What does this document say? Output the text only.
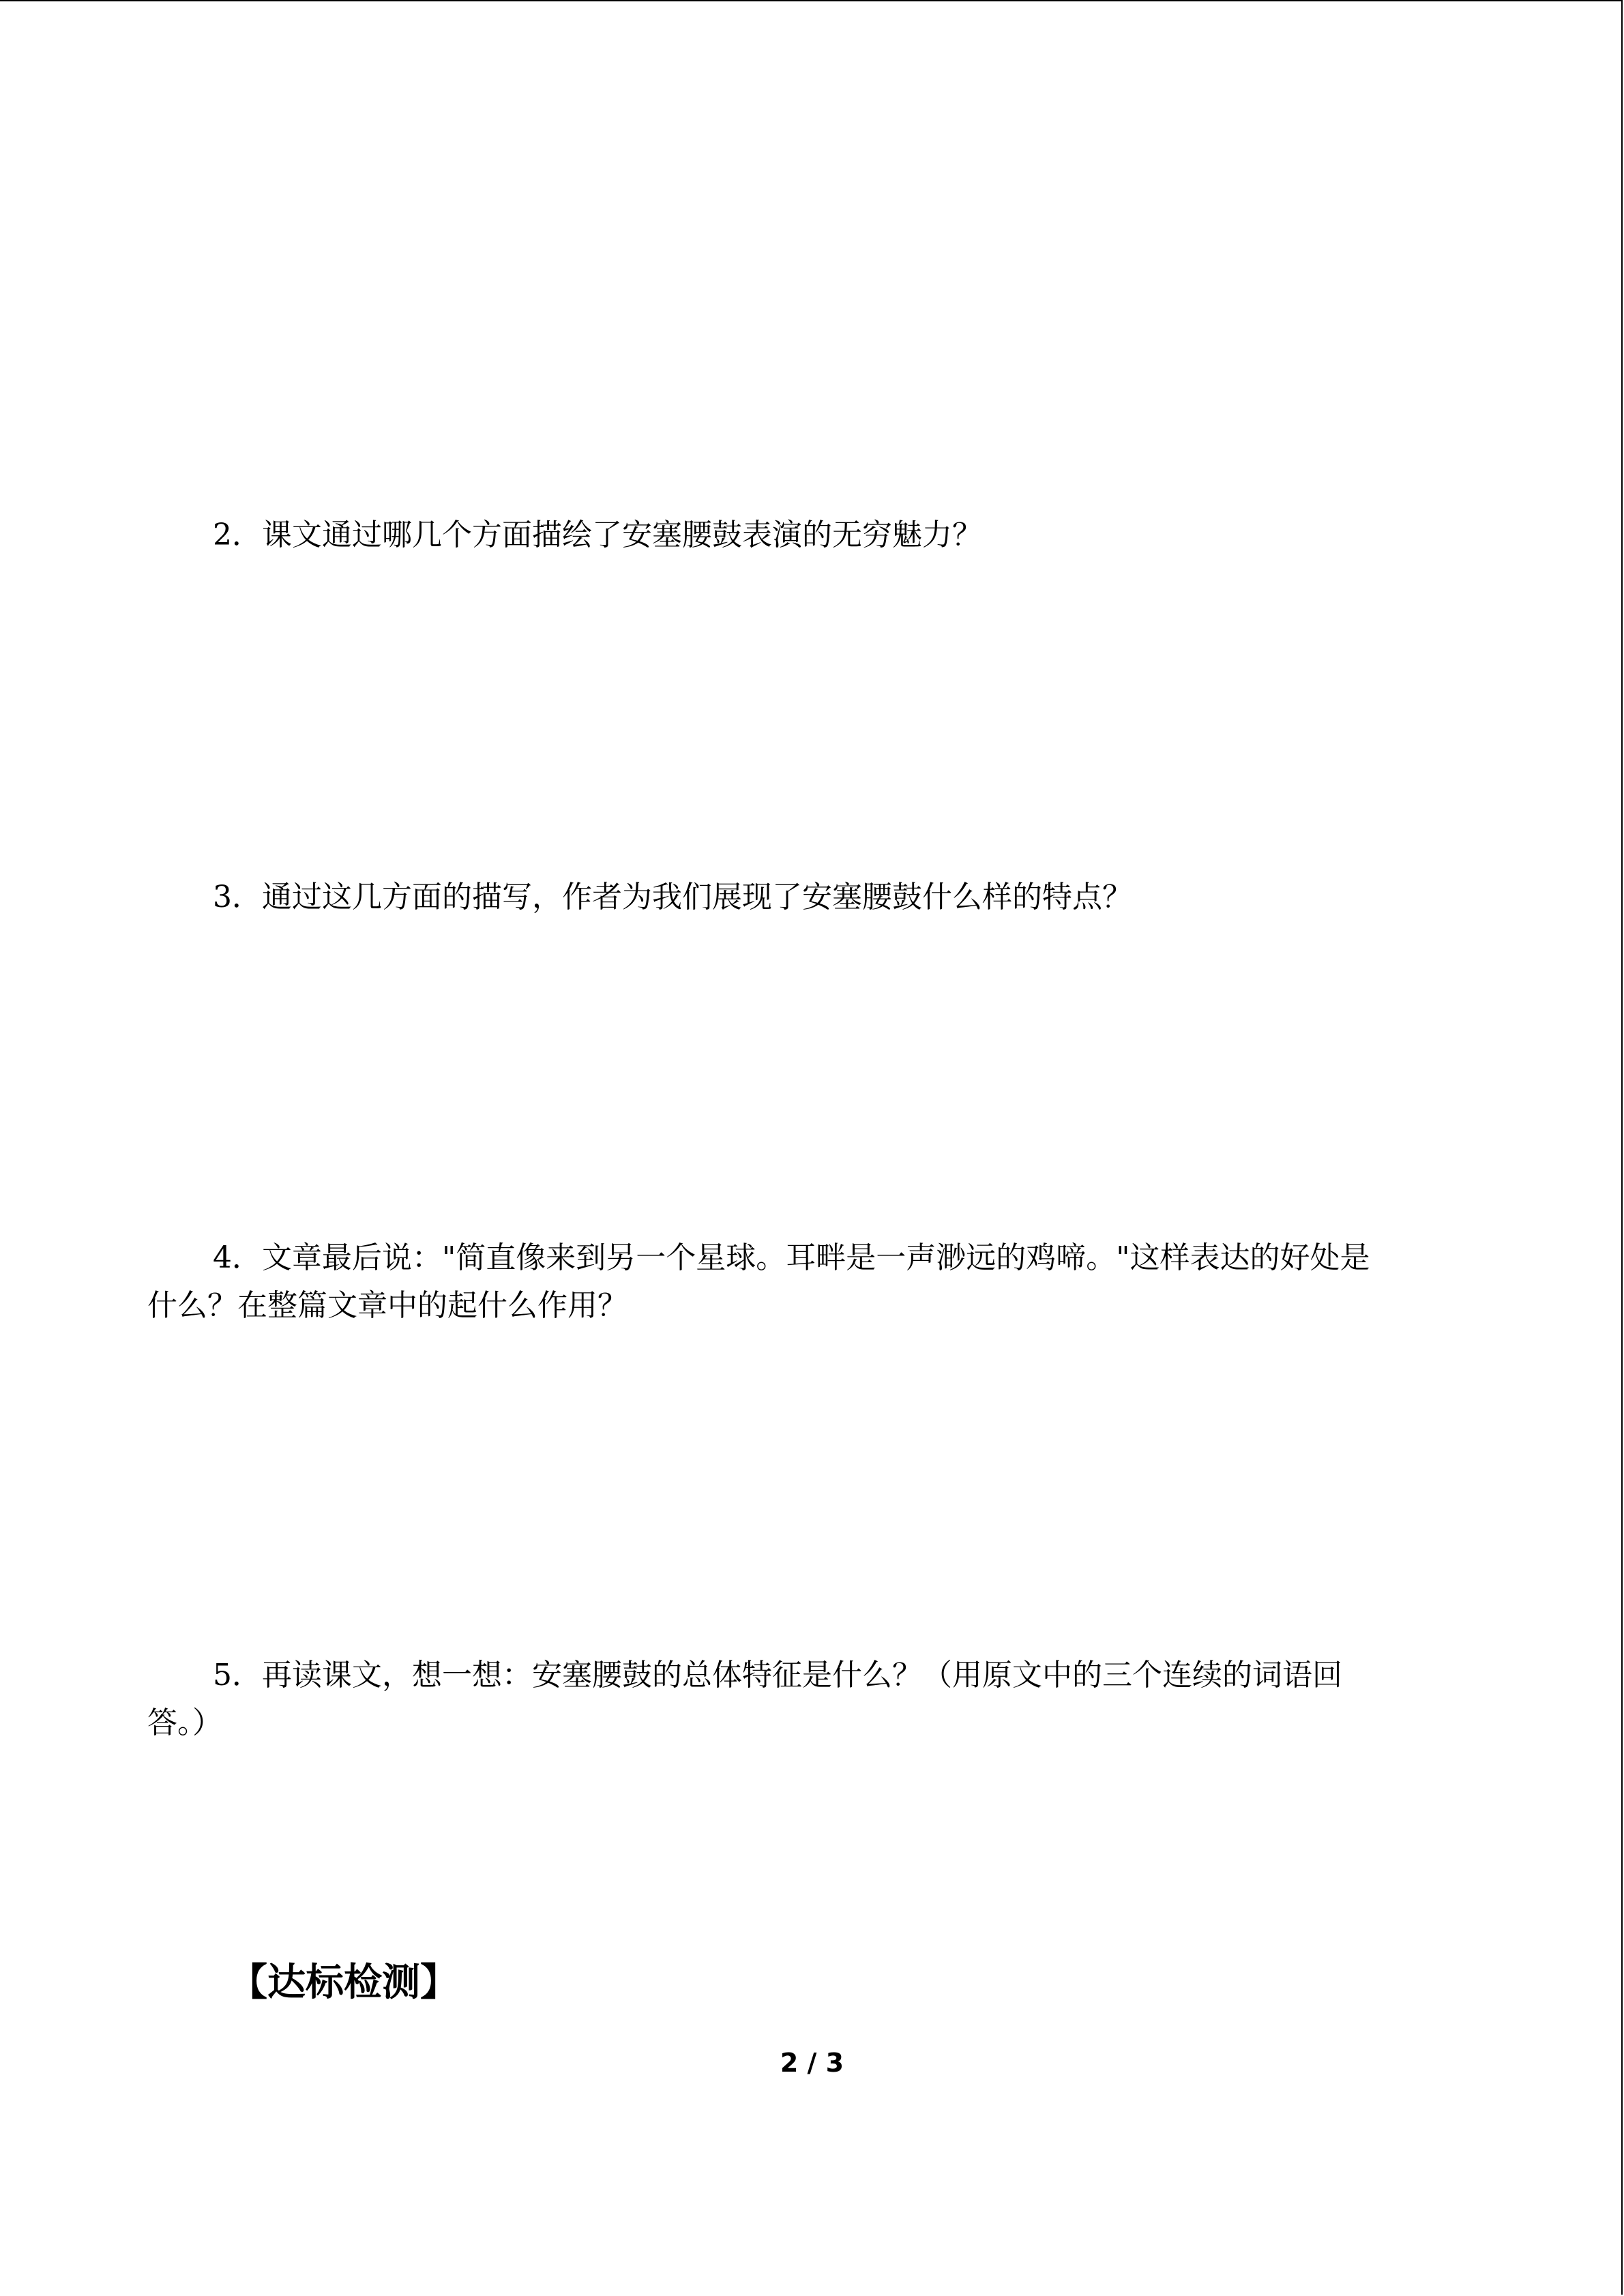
2．课文通过哪几个方面描绘了安塞腰鼓表演的无穷魅力？

3．通过这几方面的描写，作者为我们展现了安塞腰鼓什么样的特点？

4．文章最后说："简直像来到另一个星球。耳畔是一声渺远的鸡啼。"这样表达的好处是
什么？在整篇文章中的起什么作用？

5．再读课文，想一想：安塞腰鼓的总体特征是什么？（用原文中的三个连续的词语回
答。）

【达标检测】
2 / 3
